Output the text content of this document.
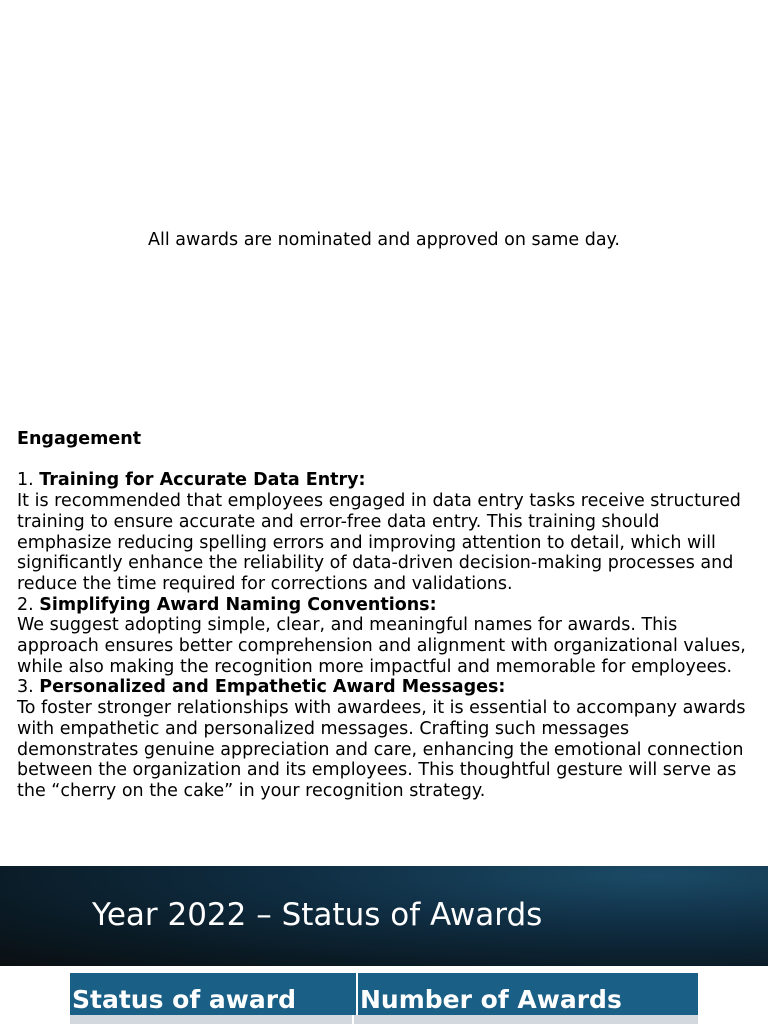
All awards are nominated and approved on same day.

Engagement

1. Training for Accurate Data Entry:

It is recommended that employees engaged in data entry tasks receive structured training to ensure accurate and error-free data entry. This training should emphasize reducing spelling errors and improving attention to detail, which will significantly enhance the reliability of data-driven decision-making processes and reduce the time required for corrections and validations.

2. Simplifying Award Naming Conventions:

We suggest adopting simple, clear, and meaningful names for awards. This approach ensures better comprehension and alignment with organizational values, while also making the recognition more impactful and memorable for employees.

3. Personalized and Empathetic Award Messages:

To foster stronger relationships with awardees, it is essential to accompany awards with empathetic and personalized messages. Crafting such messages demonstrates genuine appreciation and care, enhancing the emotional connection between the organization and its employees. This thoughtful gesture will serve as the “cherry on the cake” in your recognition strategy.

Year 2022 – Status of Awards
Status of award	Number of Awards
